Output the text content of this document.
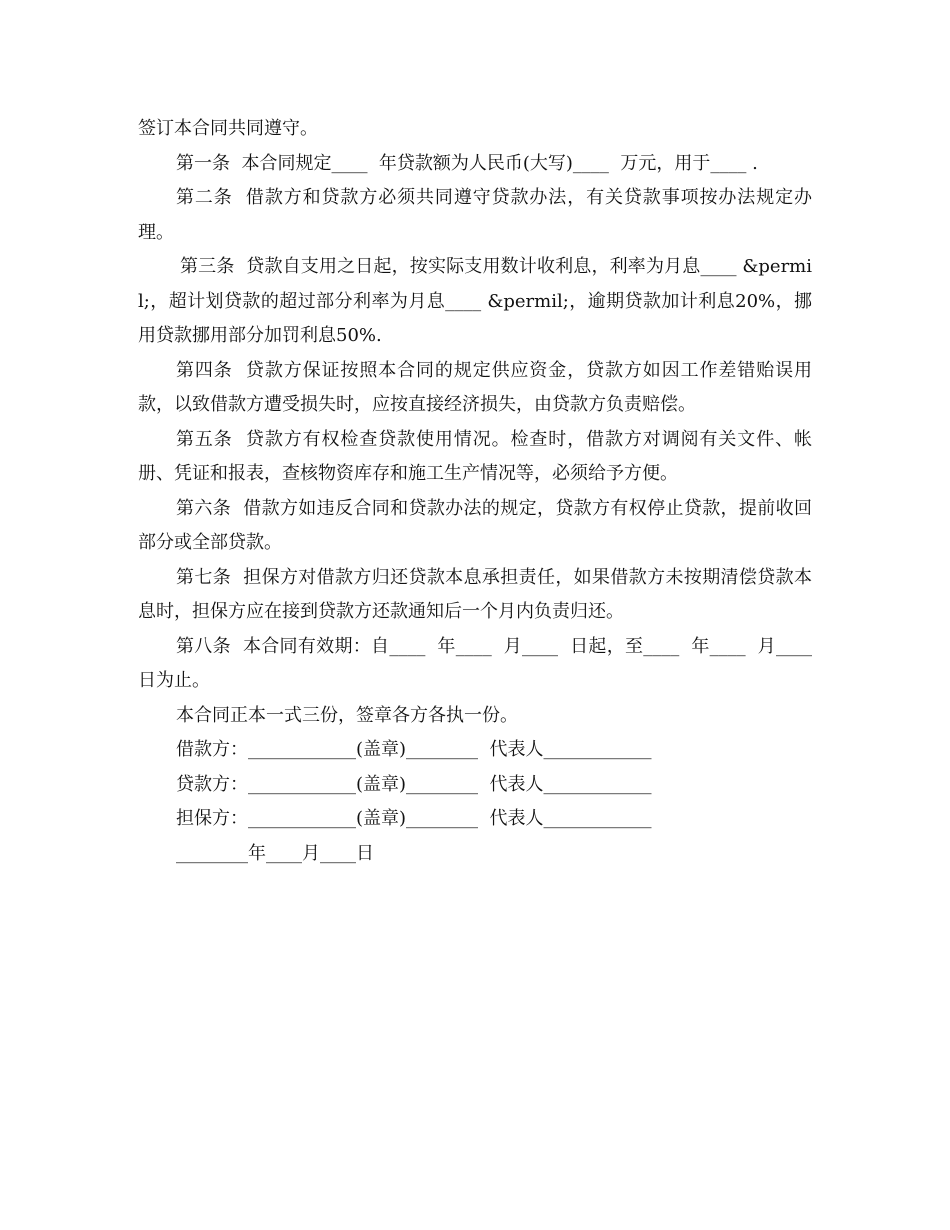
签订本合同共同遵守。

第一条  本合同规定____  年贷款额为人民币(大写)____  万元，用于____ .

第二条  借款方和贷款方必须共同遵守贷款办法，有关贷款事项按办法规定办理。

第三条  贷款自支用之日起，按实际支用数计收利息，利率为月息____ &permil;，超计划贷款的超过部分利率为月息____ &permil;，逾期贷款加计利息20%，挪用贷款挪用部分加罚利息50%.

第四条  贷款方保证按照本合同的规定供应资金，贷款方如因工作差错贻误用款，以致借款方遭受损失时，应按直接经济损失，由贷款方负责赔偿。

第五条  贷款方有权检查贷款使用情况。检查时，借款方对调阅有关文件、帐册、凭证和报表，查核物资库存和施工生产情况等，必须给予方便。

第六条  借款方如违反合同和贷款办法的规定，贷款方有权停止贷款，提前收回部分或全部贷款。

第七条  担保方对借款方归还贷款本息承担责任，如果借款方未按期清偿贷款本息时，担保方应在接到贷款方还款通知后一个月内负责归还。

第八条  本合同有效期：自____  年____  月____  日起，至____  年____  月____日为止。

本合同正本一式三份，签章各方各执一份。

借款方：____________(盖章)________  代表人____________

贷款方：____________(盖章)________  代表人____________

担保方：____________(盖章)________  代表人____________

________年____月____日
